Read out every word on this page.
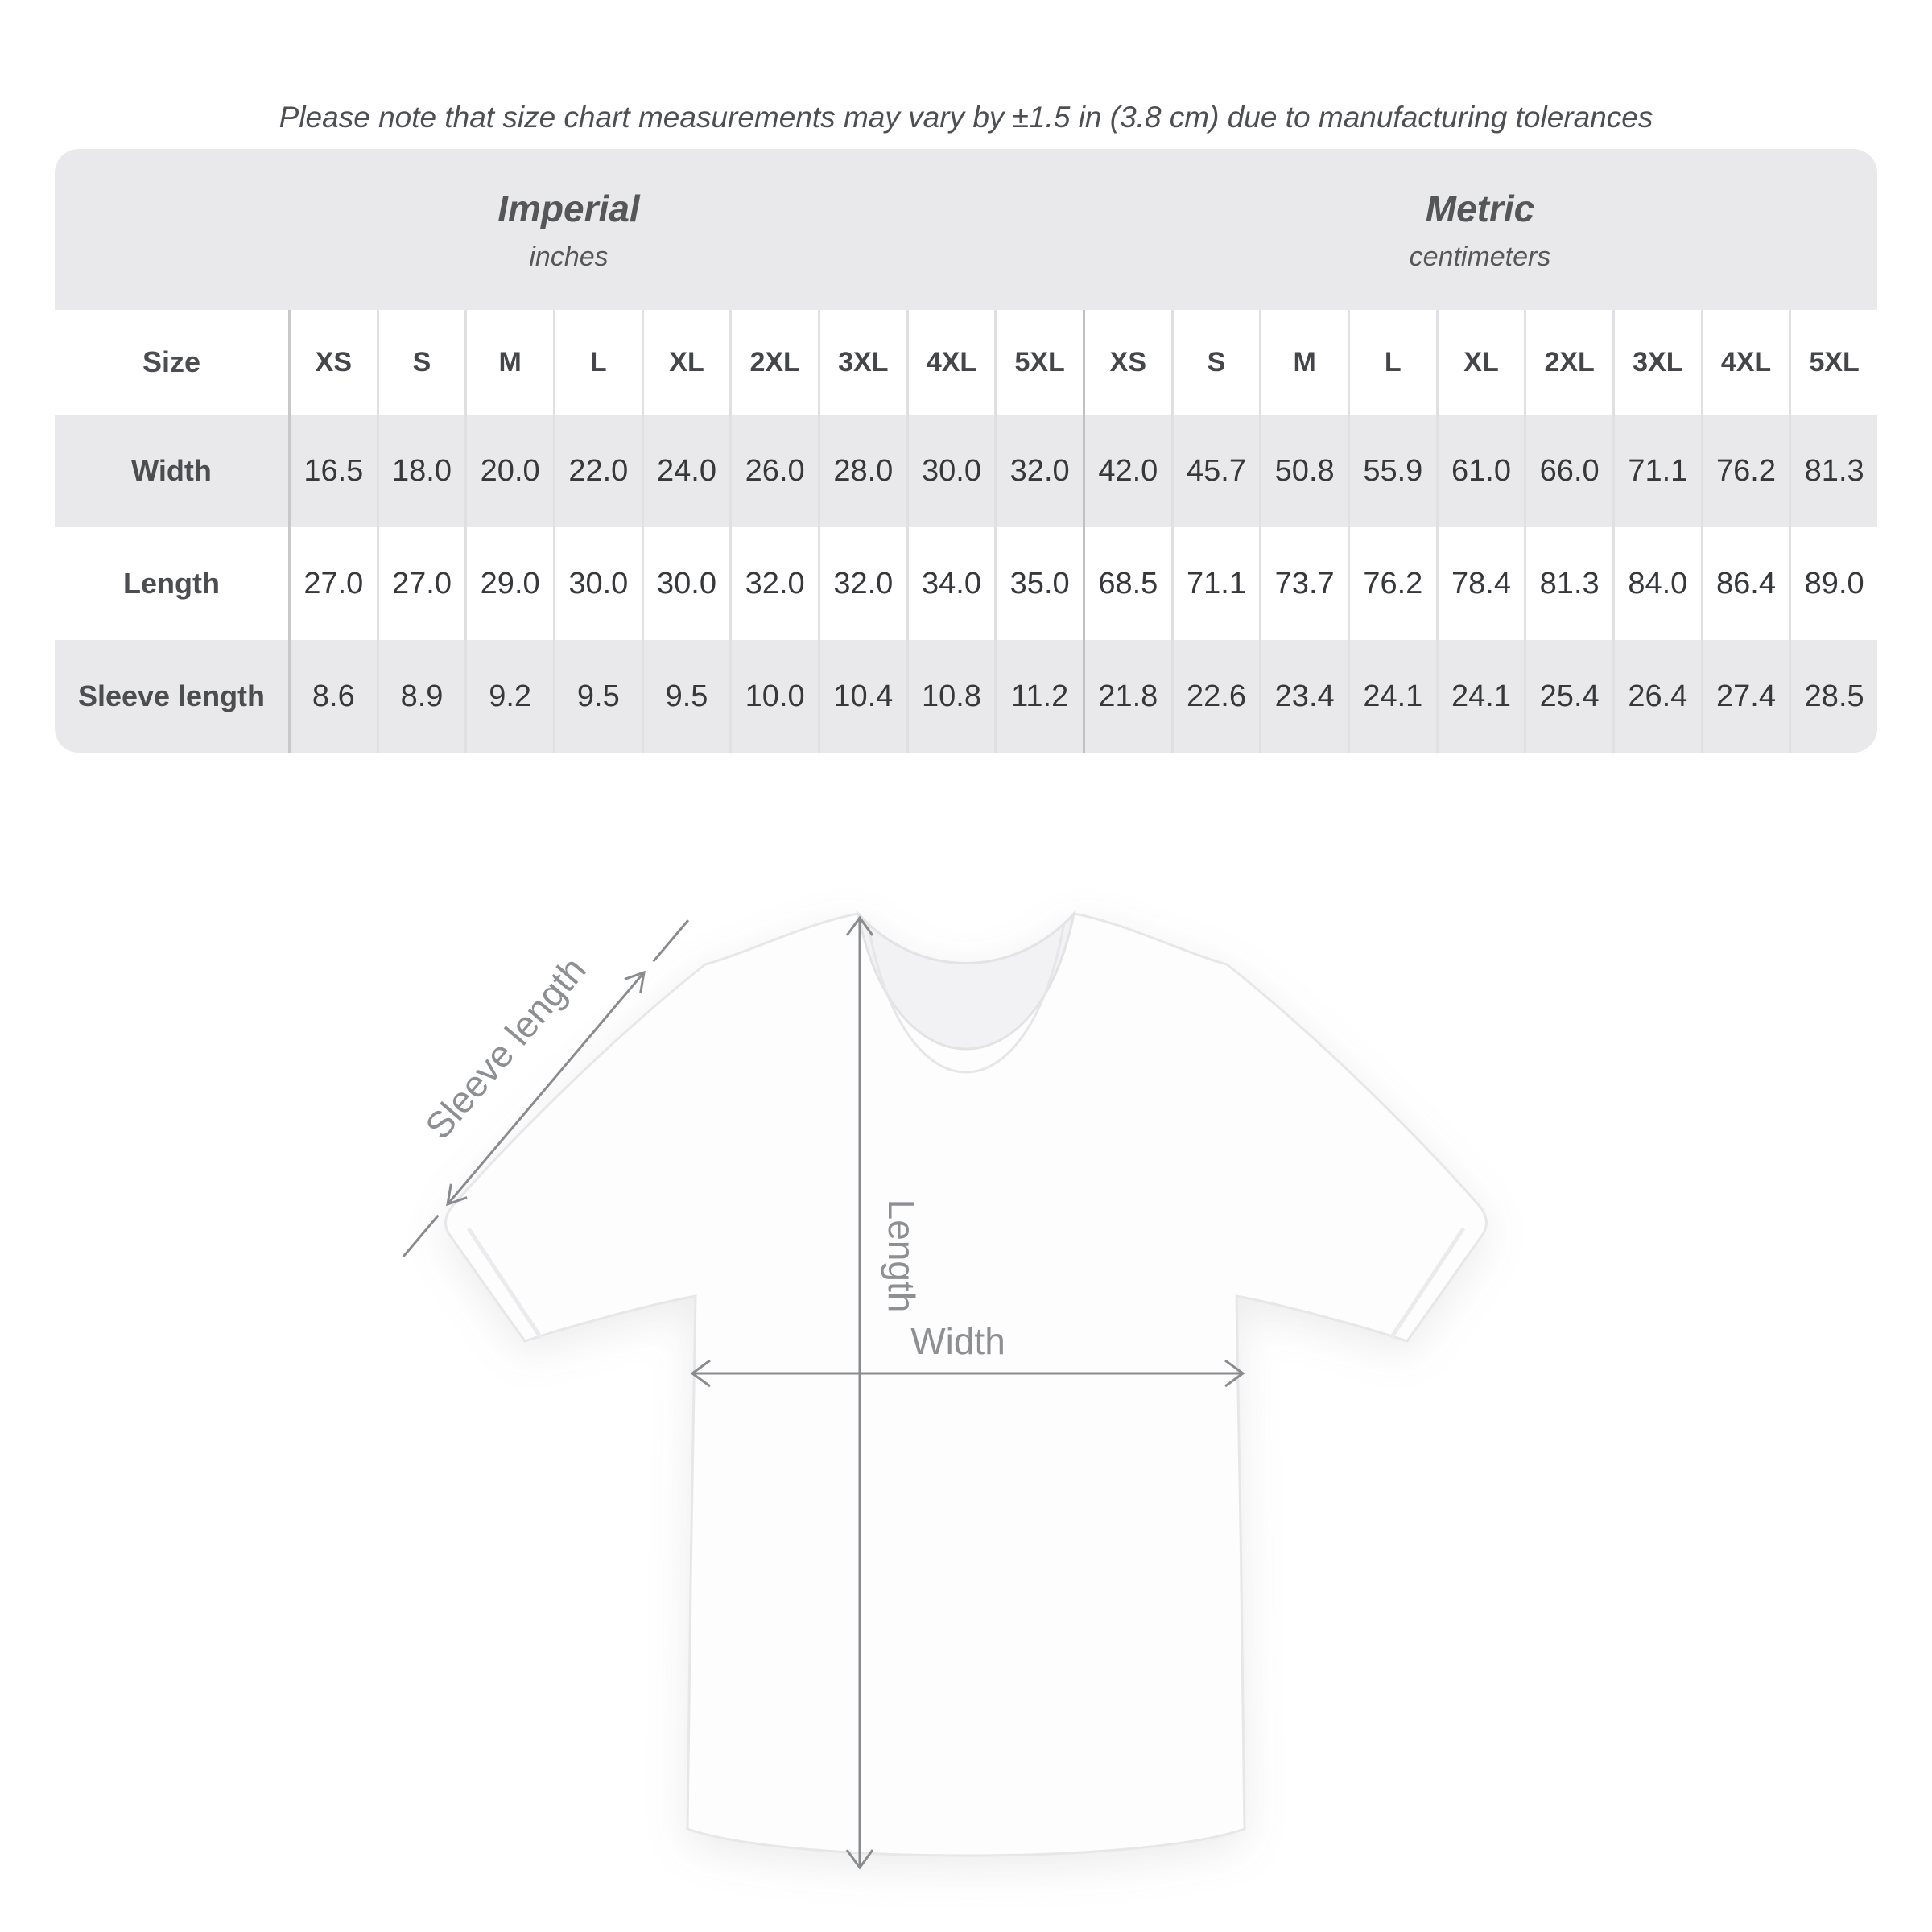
Please note that size chart measurements may vary by ±1.5 in (3.8 cm) due to manufacturing tolerances

Imperial
inches
Metric
centimeters
Size	XS	S	M	L	XL	2XL	3XL	4XL	5XL	XS	S	M	L	XL	2XL	3XL	4XL	5XL
Width	16.5 18.0 20.0 22.0 24.0 26.0 28.0 30.0 32.0 42.0 45.7 50.8 55.9 61.0 66.0 71.1 76.2 81.3
Length	27.0 27.0 29.0 30.0 30.0 32.0 32.0 34.0 35.0 68.5 71.1 73.7 76.2 78.4 81.3 84.0 86.4 89.0
Sleeve length	8.6	8.9	9.2	9.5	9.5	10.0 10.4 10.8 11.2 21.8 22.6 23.4 24.1 24.1 25.4 26.4 27.4 28.5
Sleeve length
Length
Width
